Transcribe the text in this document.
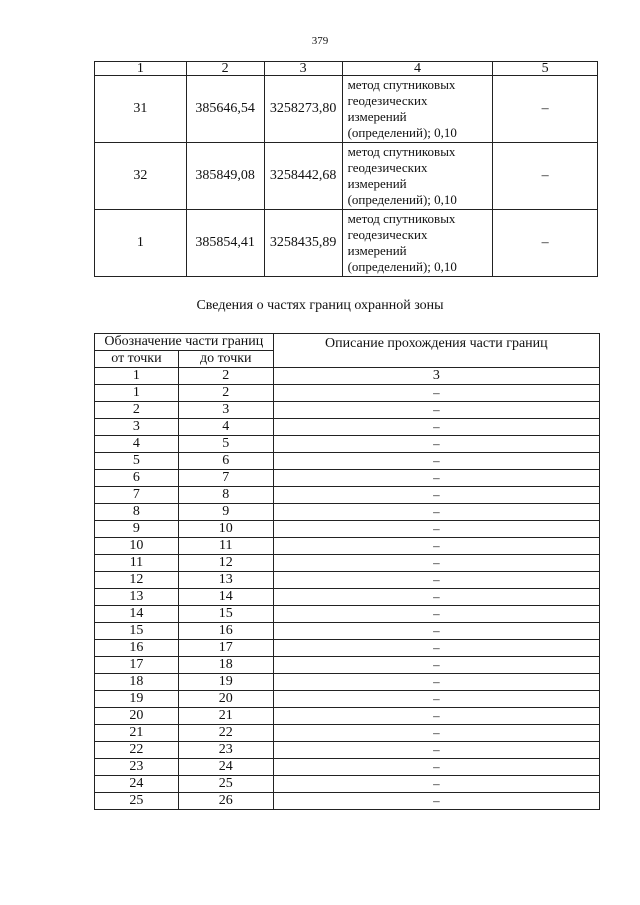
379
1	2	3	4	5
31	385646,54	3258273,80	метод спутниковых
геодезических
измерений
(определений); 0,10	–
32	385849,08	3258442,68	метод спутниковых
геодезических
измерений
(определений); 0,10	–
1	385854,41	3258435,89	метод спутниковых
геодезических
измерений
(определений); 0,10	–
Сведения о частях границ охранной зоны
Обозначение части границ		Описание прохождения части границ
от точки	до точки	
1	2	3
1	2	–
2	3	–
3	4	–
4	5	–
5	6	–
6	7	–
7	8	–
8	9	–
9	10	–
10	11	–
11	12	–
12	13	–
13	14	–
14	15	–
15	16	–
16	17	–
17	18	–
18	19	–
19	20	–
20	21	–
21	22	–
22	23	–
23	24	–
24	25	–
25	26	–
